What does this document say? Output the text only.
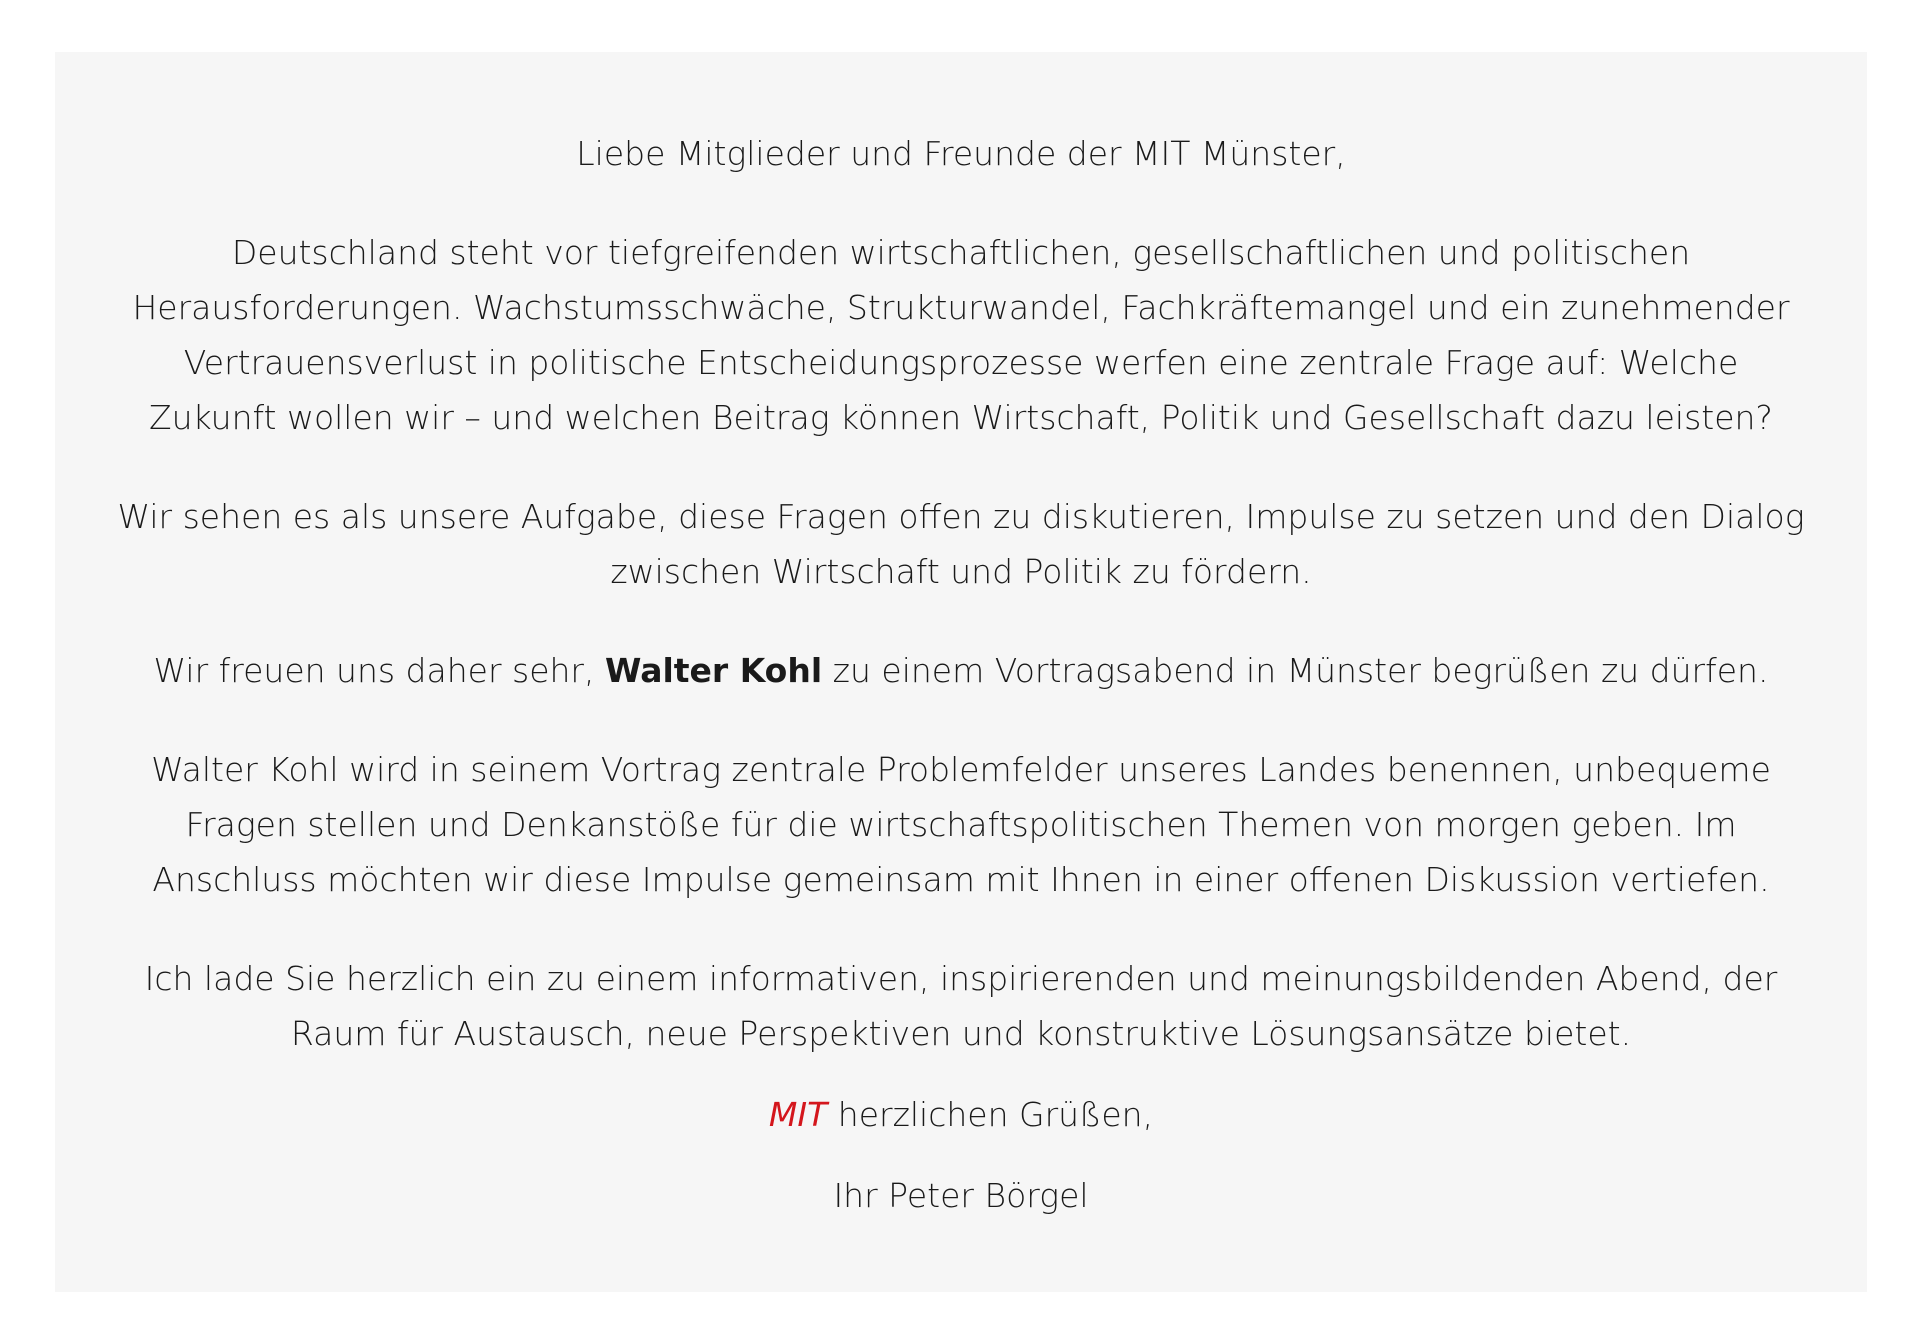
Liebe Mitglieder und Freunde der MIT Münster,

Deutschland steht vor tiefgreifenden wirtschaftlichen, gesellschaftlichen und politischen Herausforderungen. Wachstumsschwäche, Strukturwandel, Fachkräftemangel und ein zunehmender Vertrauensverlust in politische Entscheidungsprozesse werfen eine zentrale Frage auf: Welche Zukunft wollen wir – und welchen Beitrag können Wirtschaft, Politik und Gesellschaft dazu leisten?

Wir sehen es als unsere Aufgabe, diese Fragen offen zu diskutieren, Impulse zu setzen und den Dialog zwischen Wirtschaft und Politik zu fördern.

Wir freuen uns daher sehr, Walter Kohl zu einem Vortragsabend in Münster begrüßen zu dürfen.

Walter Kohl wird in seinem Vortrag zentrale Problemfelder unseres Landes benennen, unbequeme Fragen stellen und Denkanstöße für die wirtschaftspolitischen Themen von morgen geben. Im Anschluss möchten wir diese Impulse gemeinsam mit Ihnen in einer offenen Diskussion vertiefen.

Ich lade Sie herzlich ein zu einem informativen, inspirierenden und meinungsbildenden Abend, der Raum für Austausch, neue Perspektiven und konstruktive Lösungsansätze bietet.

MIT herzlichen Grüßen,

Ihr Peter Börgel
